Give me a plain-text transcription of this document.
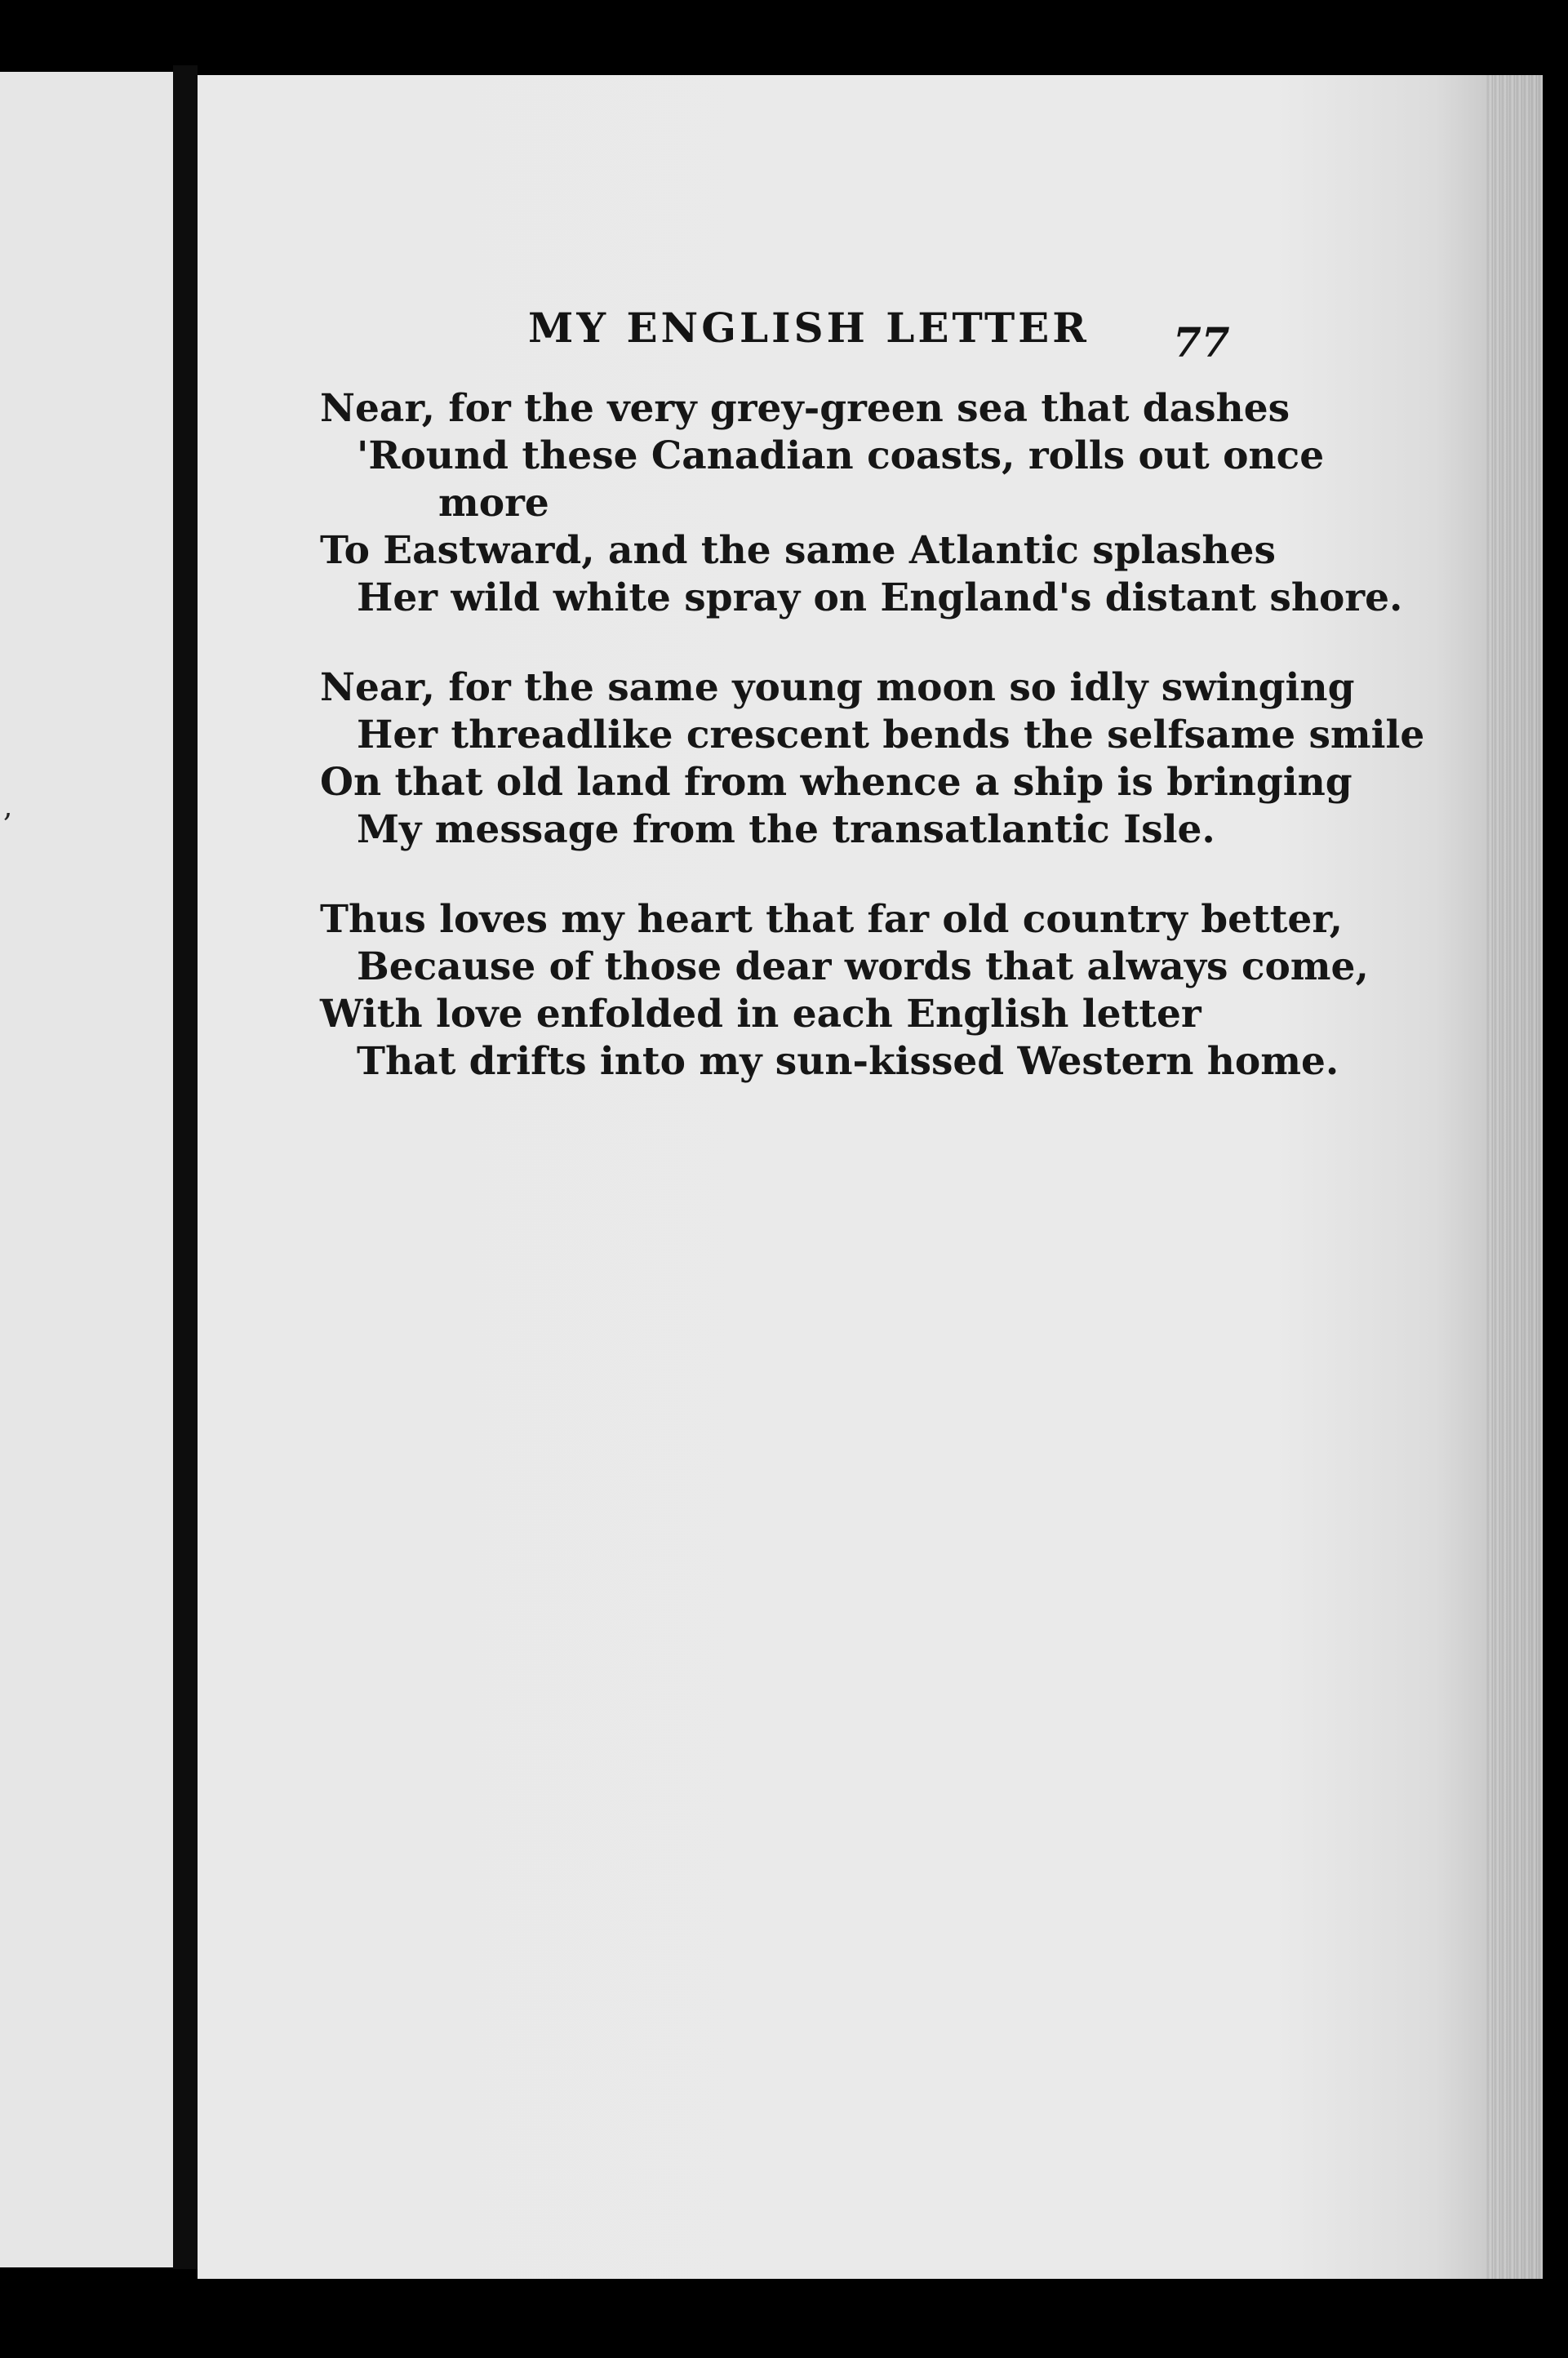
,
MY ENGLISH LETTER 77
Near, for the very grey-green sea that dashes
'Round these Canadian coasts, rolls out once
more
To Eastward, and the same Atlantic splashes
Her wild white spray on England's distant shore.
Near, for the same young moon so idly swinging
Her threadlike crescent bends the selfsame smile
On that old land from whence a ship is bringing
My message from the transatlantic Isle.
Thus loves my heart that far old country better,
Because of those dear words that always come,
With love enfolded in each English letter
That drifts into my sun-kissed Western home.
